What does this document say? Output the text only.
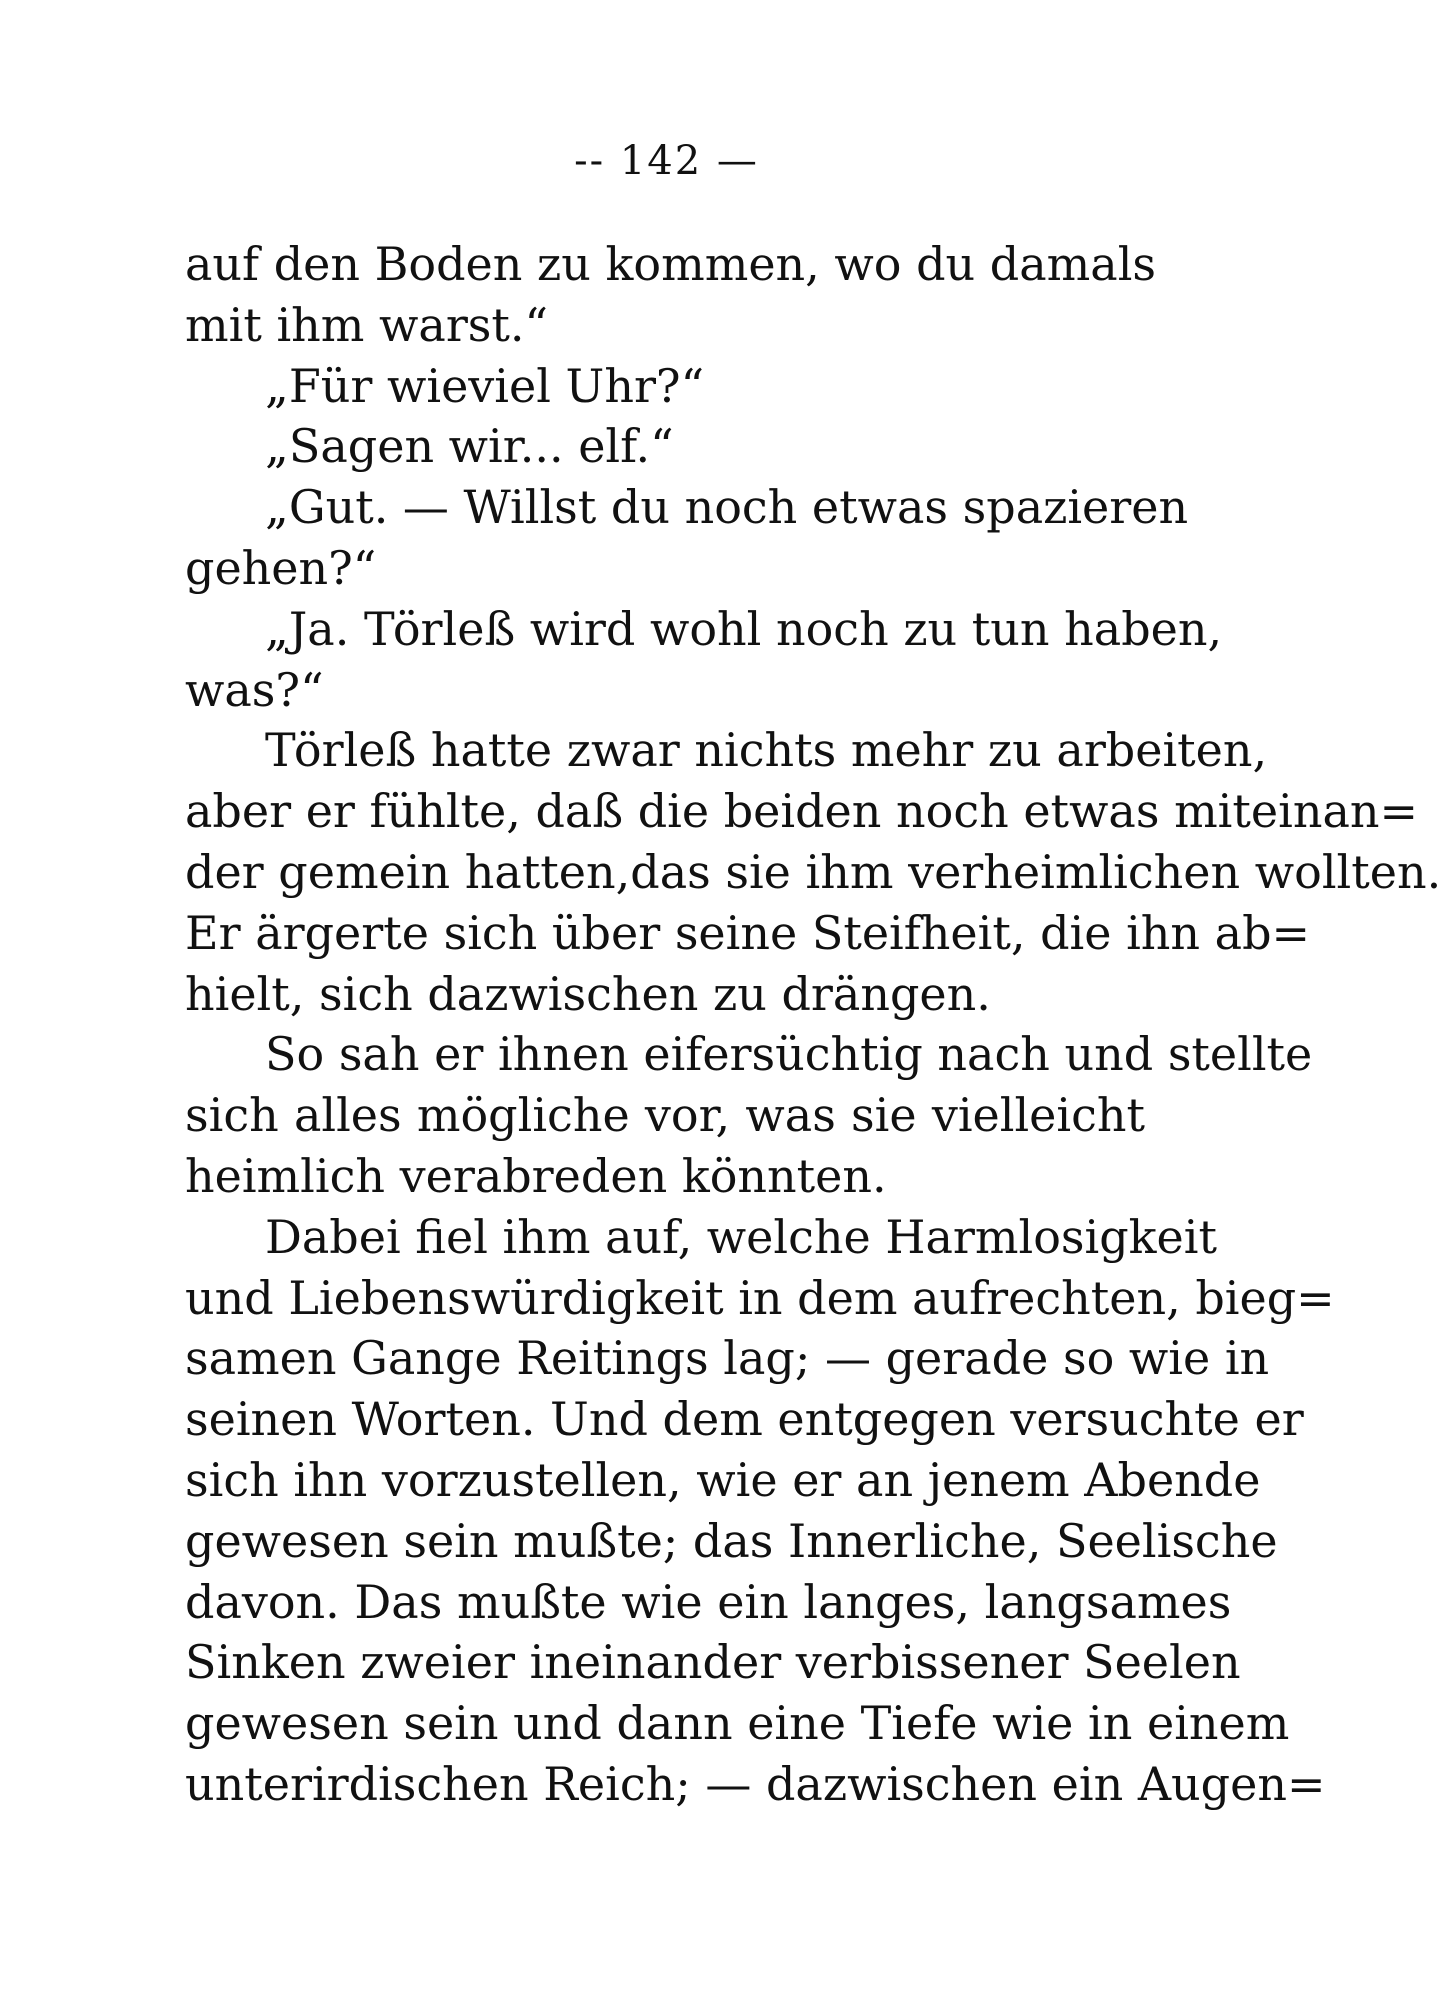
-- 142 —
auf den Boden zu kommen, wo du damals
mit ihm warst.“
„Für wieviel Uhr?“
„Sagen wir... elf.“
„Gut. — Willst du noch etwas spazieren
gehen?“
„Ja. Törleß wird wohl noch zu tun haben,
was?“
Törleß hatte zwar nichts mehr zu arbeiten,
aber er fühlte, daß die beiden noch etwas miteinan=
der gemein hatten,das sie ihm verheimlichen wollten.
Er ärgerte sich über seine Steifheit, die ihn ab=
hielt, sich dazwischen zu drängen.
So sah er ihnen eifersüchtig nach und stellte
sich alles mögliche vor, was sie vielleicht
heimlich verabreden könnten.
Dabei fiel ihm auf, welche Harmlosigkeit
und Liebenswürdigkeit in dem aufrechten, bieg=
samen Gange Reitings lag; — gerade so wie in
seinen Worten. Und dem entgegen versuchte er
sich ihn vorzustellen, wie er an jenem Abende
gewesen sein mußte; das Innerliche, Seelische
davon. Das mußte wie ein langes, langsames
Sinken zweier ineinander verbissener Seelen
gewesen sein und dann eine Tiefe wie in einem
unterirdischen Reich; — dazwischen ein Augen=
